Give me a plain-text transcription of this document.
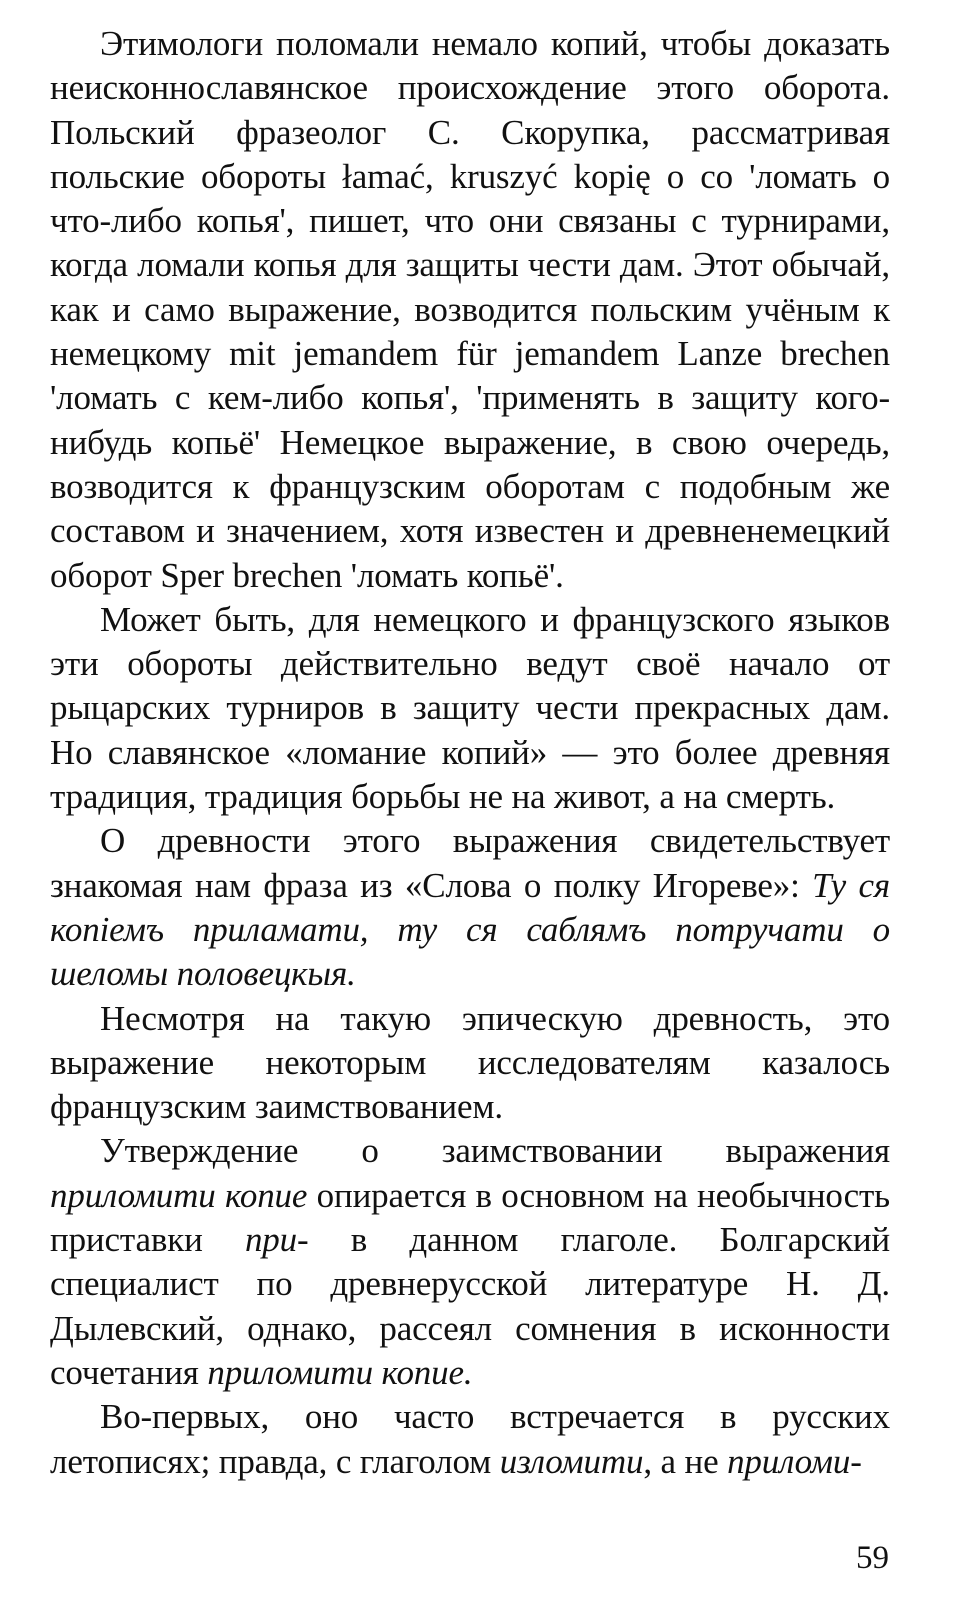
Этимологи поломали немало копий, чтобы доказать неисконнославянское происхождение этого оборота. Польский фразеолог С. Скорупка, рассматривая польские обороты łamać, kruszyć kopię o co 'ломать о что-либо копья', пишет, что они связаны с турнирами, когда ломали копья для защиты чести дам. Этот обычай, как и само выражение, возводится польским учёным к немецкому mit jemandem für jemandem Lanze brechen 'ломать с кем-либо копья', 'применять в защиту кого-нибудь копьё' Немецкое выражение, в свою очередь, возводится к французским оборотам с подобным же составом и значением, хотя известен и древненемецкий оборот Sper brechen 'ломать копьё'.

Может быть, для немецкого и французского языков эти обороты действительно ведут своё начало от рыцарских турниров в защиту чести прекрасных дам. Но славянское «ломание копий» — это более древняя традиция, традиция борьбы не на живот, а на смерть.

О древности этого выражения свидетельствует знакомая нам фраза из «Слова о полку Игореве»: Ту ся копіемъ приламати, ту ся саблямъ потручати о шеломы половецкыя.

Несмотря на такую эпическую древность, это выражение некоторым исследователям казалось французским заимствованием.

Утверждение о заимствовании выражения приломити копие опирается в основном на необычность приставки при- в данном глаголе. Болгарский специалист по древнерусской литературе Н. Д. Дылевский, однако, рассеял сомнения в исконности сочетания приломити копие.

Во-первых, оно часто встречается в русских летописях; правда, с глаголом изломити, а не приломи-

59
